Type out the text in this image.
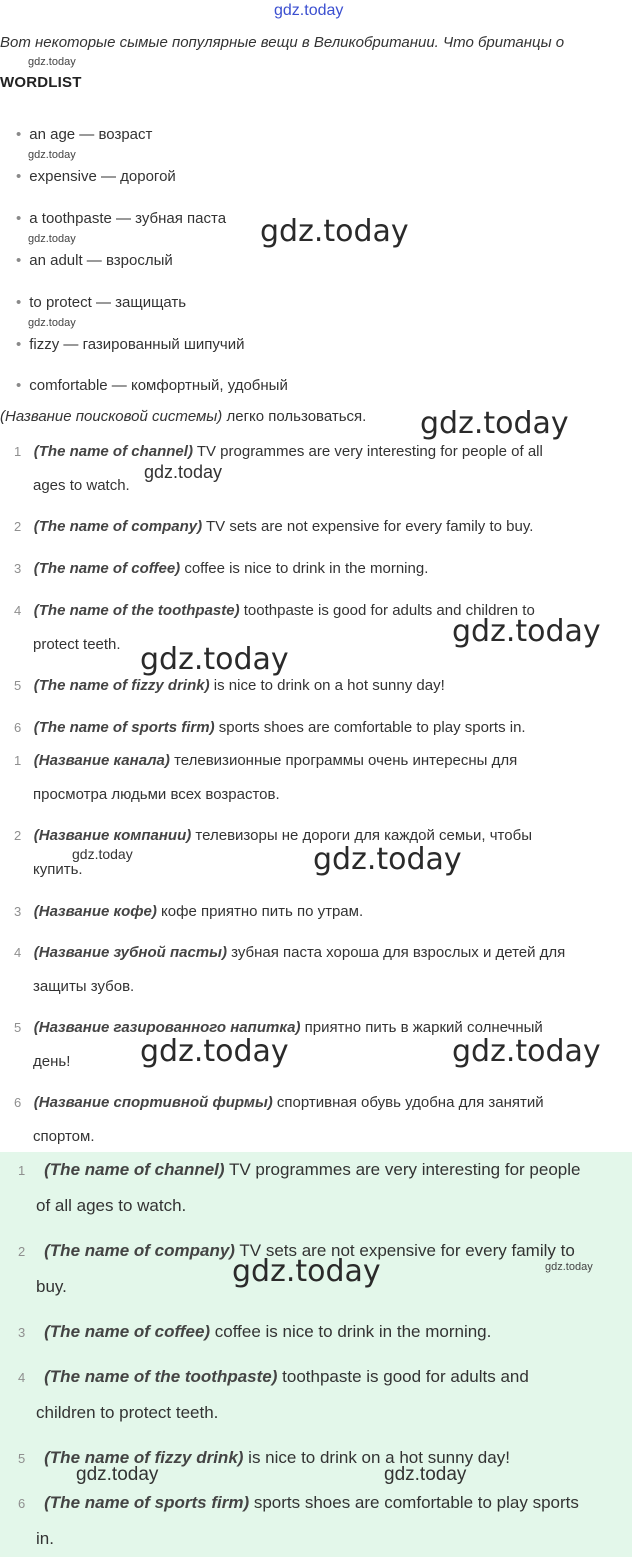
gdz.today
Вот некоторые сымые популярные вещи в Великобритании. Что британцы о
gdz.today
WORDLIST
• an age — возраст
gdz.today
• expensive — дорогой
• a toothpaste — зубная паста
gdz.today	gdz.today
• an adult — взрослый
• to protect — защищать
gdz.today
• fizzy — газированный шипучий
• comfortable — комфортный, удобный
(Название поисковой системы) легко пользоваться. gdz.today
1 (The name of channel) TV programmes are very interesting for people of all
ages to watch.
gdz.today
2 (The name of company) TV sets are not expensive for every family to buy.
3 (The name of coffee) coffee is nice to drink in the morning.
4 (The name of the toothpaste) toothpaste is good for adults and children to
protect teeth.	gdz.today
gdz.today
5 (The name of fizzy drink) is nice to drink on a hot sunny day!
6 (The name of sports firm) sports shoes are comfortable to play sports in.
1 (Название канала) телевизионные программы очень интересны для
просмотра людьми всех возрастов.
2 (Название компании) телевизоры не дороги для каждой семьи, чтобы
купить.
gdz.today	gdz.today
3 (Название кофе) кофе приятно пить по утрам.
4 (Название зубной пасты) зубная паста хороша для взрослых и детей для
защиты зубов.
5 (Название газированного напитка) приятно пить в жаркий солнечный
день! gdz.today	gdz.today
6 (Название спортивной фирмы) спортивная обувь удобна для занятий
спортом.
1 (The name of channel) TV programmes are very interesting for people
of all ages to watch.
2 (The name of company) TV sets are not expensive for every family to
buy.	gdz.today	gdz.today
3 (The name of coffee) coffee is nice to drink in the morning.
4 (The name of the toothpaste) toothpaste is good for adults and
children to protect teeth.
5 (The name of fizzy drink) is nice to drink on a hot sunny day!
gdz.today	gdz.today
6 (The name of sports firm) sports shoes are comfortable to play sports
in.
